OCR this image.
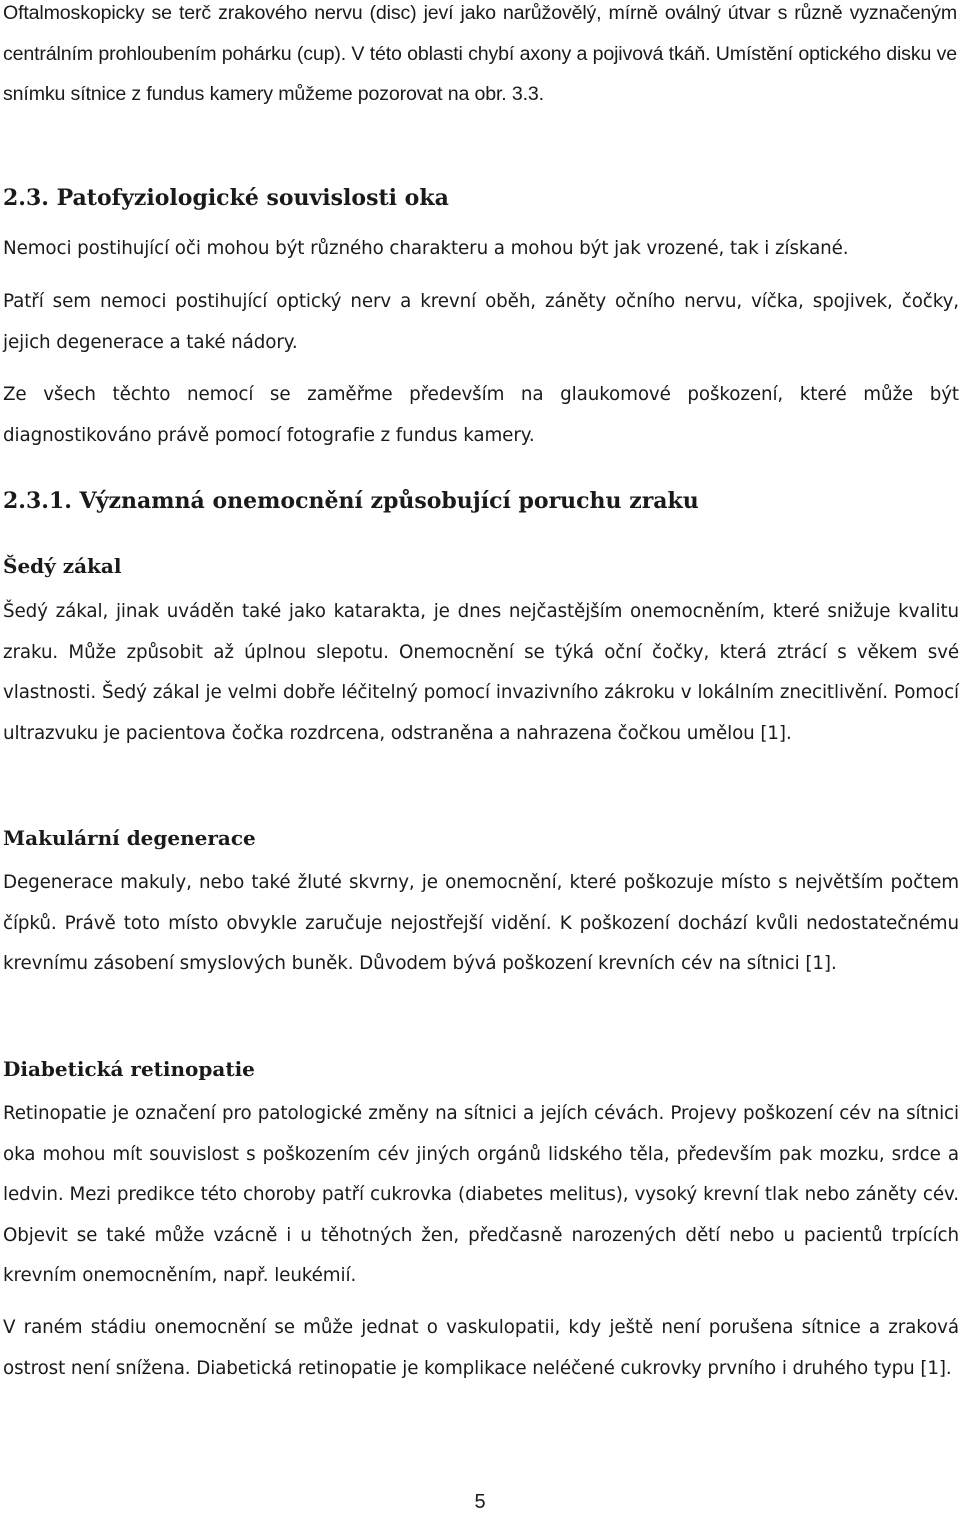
Oftalmoskopicky se terč zrakového nervu (disc) jeví jako narůžovělý, mírně oválný útvar s různě vyznačeným centrálním prohloubením pohárku (cup). V této oblasti chybí axony a pojivová tkáň. Umístění optického disku ve snímku sítnice z fundus kamery můžeme pozorovat na obr. 3.3.

2.3. Patofyziologické souvislosti oka

Nemoci postihující oči mohou být různého charakteru a mohou být jak vrozené, tak i získané.

Patří sem nemoci postihující optický nerv a krevní oběh, záněty očního nervu, víčka, spojivek, čočky, jejich degenerace a také nádory.

Ze všech těchto nemocí se zaměřme především na glaukomové poškození, které může být diagnostikováno právě pomocí fotografie z fundus kamery.

2.3.1. Významná onemocnění způsobující poruchu zraku
Šedý zákal

Šedý zákal, jinak uváděn také jako katarakta, je dnes nejčastějším onemocněním, které snižuje kvalitu zraku. Může způsobit až úplnou slepotu. Onemocnění se týká oční čočky, která ztrácí s věkem své vlastnosti. Šedý zákal je velmi dobře léčitelný pomocí invazivního zákroku v lokálním znecitlivění. Pomocí ultrazvuku je pacientova čočka rozdrcena, odstraněna a nahrazena čočkou umělou [1].

Makulární degenerace

Degenerace makuly, nebo také žluté skvrny, je onemocnění, které poškozuje místo s největším počtem čípků. Právě toto místo obvykle zaručuje nejostřejší vidění. K poškození dochází kvůli nedostatečnému krevnímu zásobení smyslových buněk. Důvodem bývá poškození krevních cév na sítnici [1].

Diabetická retinopatie

Retinopatie je označení pro patologické změny na sítnici a jejích cévách. Projevy poškození cév na sítnici oka mohou mít souvislost s poškozením cév jiných orgánů lidského těla, především pak mozku, srdce a ledvin. Mezi predikce této choroby patří cukrovka (diabetes melitus), vysoký krevní tlak nebo záněty cév. Objevit se také může vzácně i u těhotných žen, předčasně narozených dětí nebo u pacientů trpících krevním onemocněním, např. leukémií.

V raném stádiu onemocnění se může jednat o vaskulopatii, kdy ještě není porušena sítnice a zraková ostrost není snížena. Diabetická retinopatie je komplikace neléčené cukrovky prvního i druhého typu [1].

5
